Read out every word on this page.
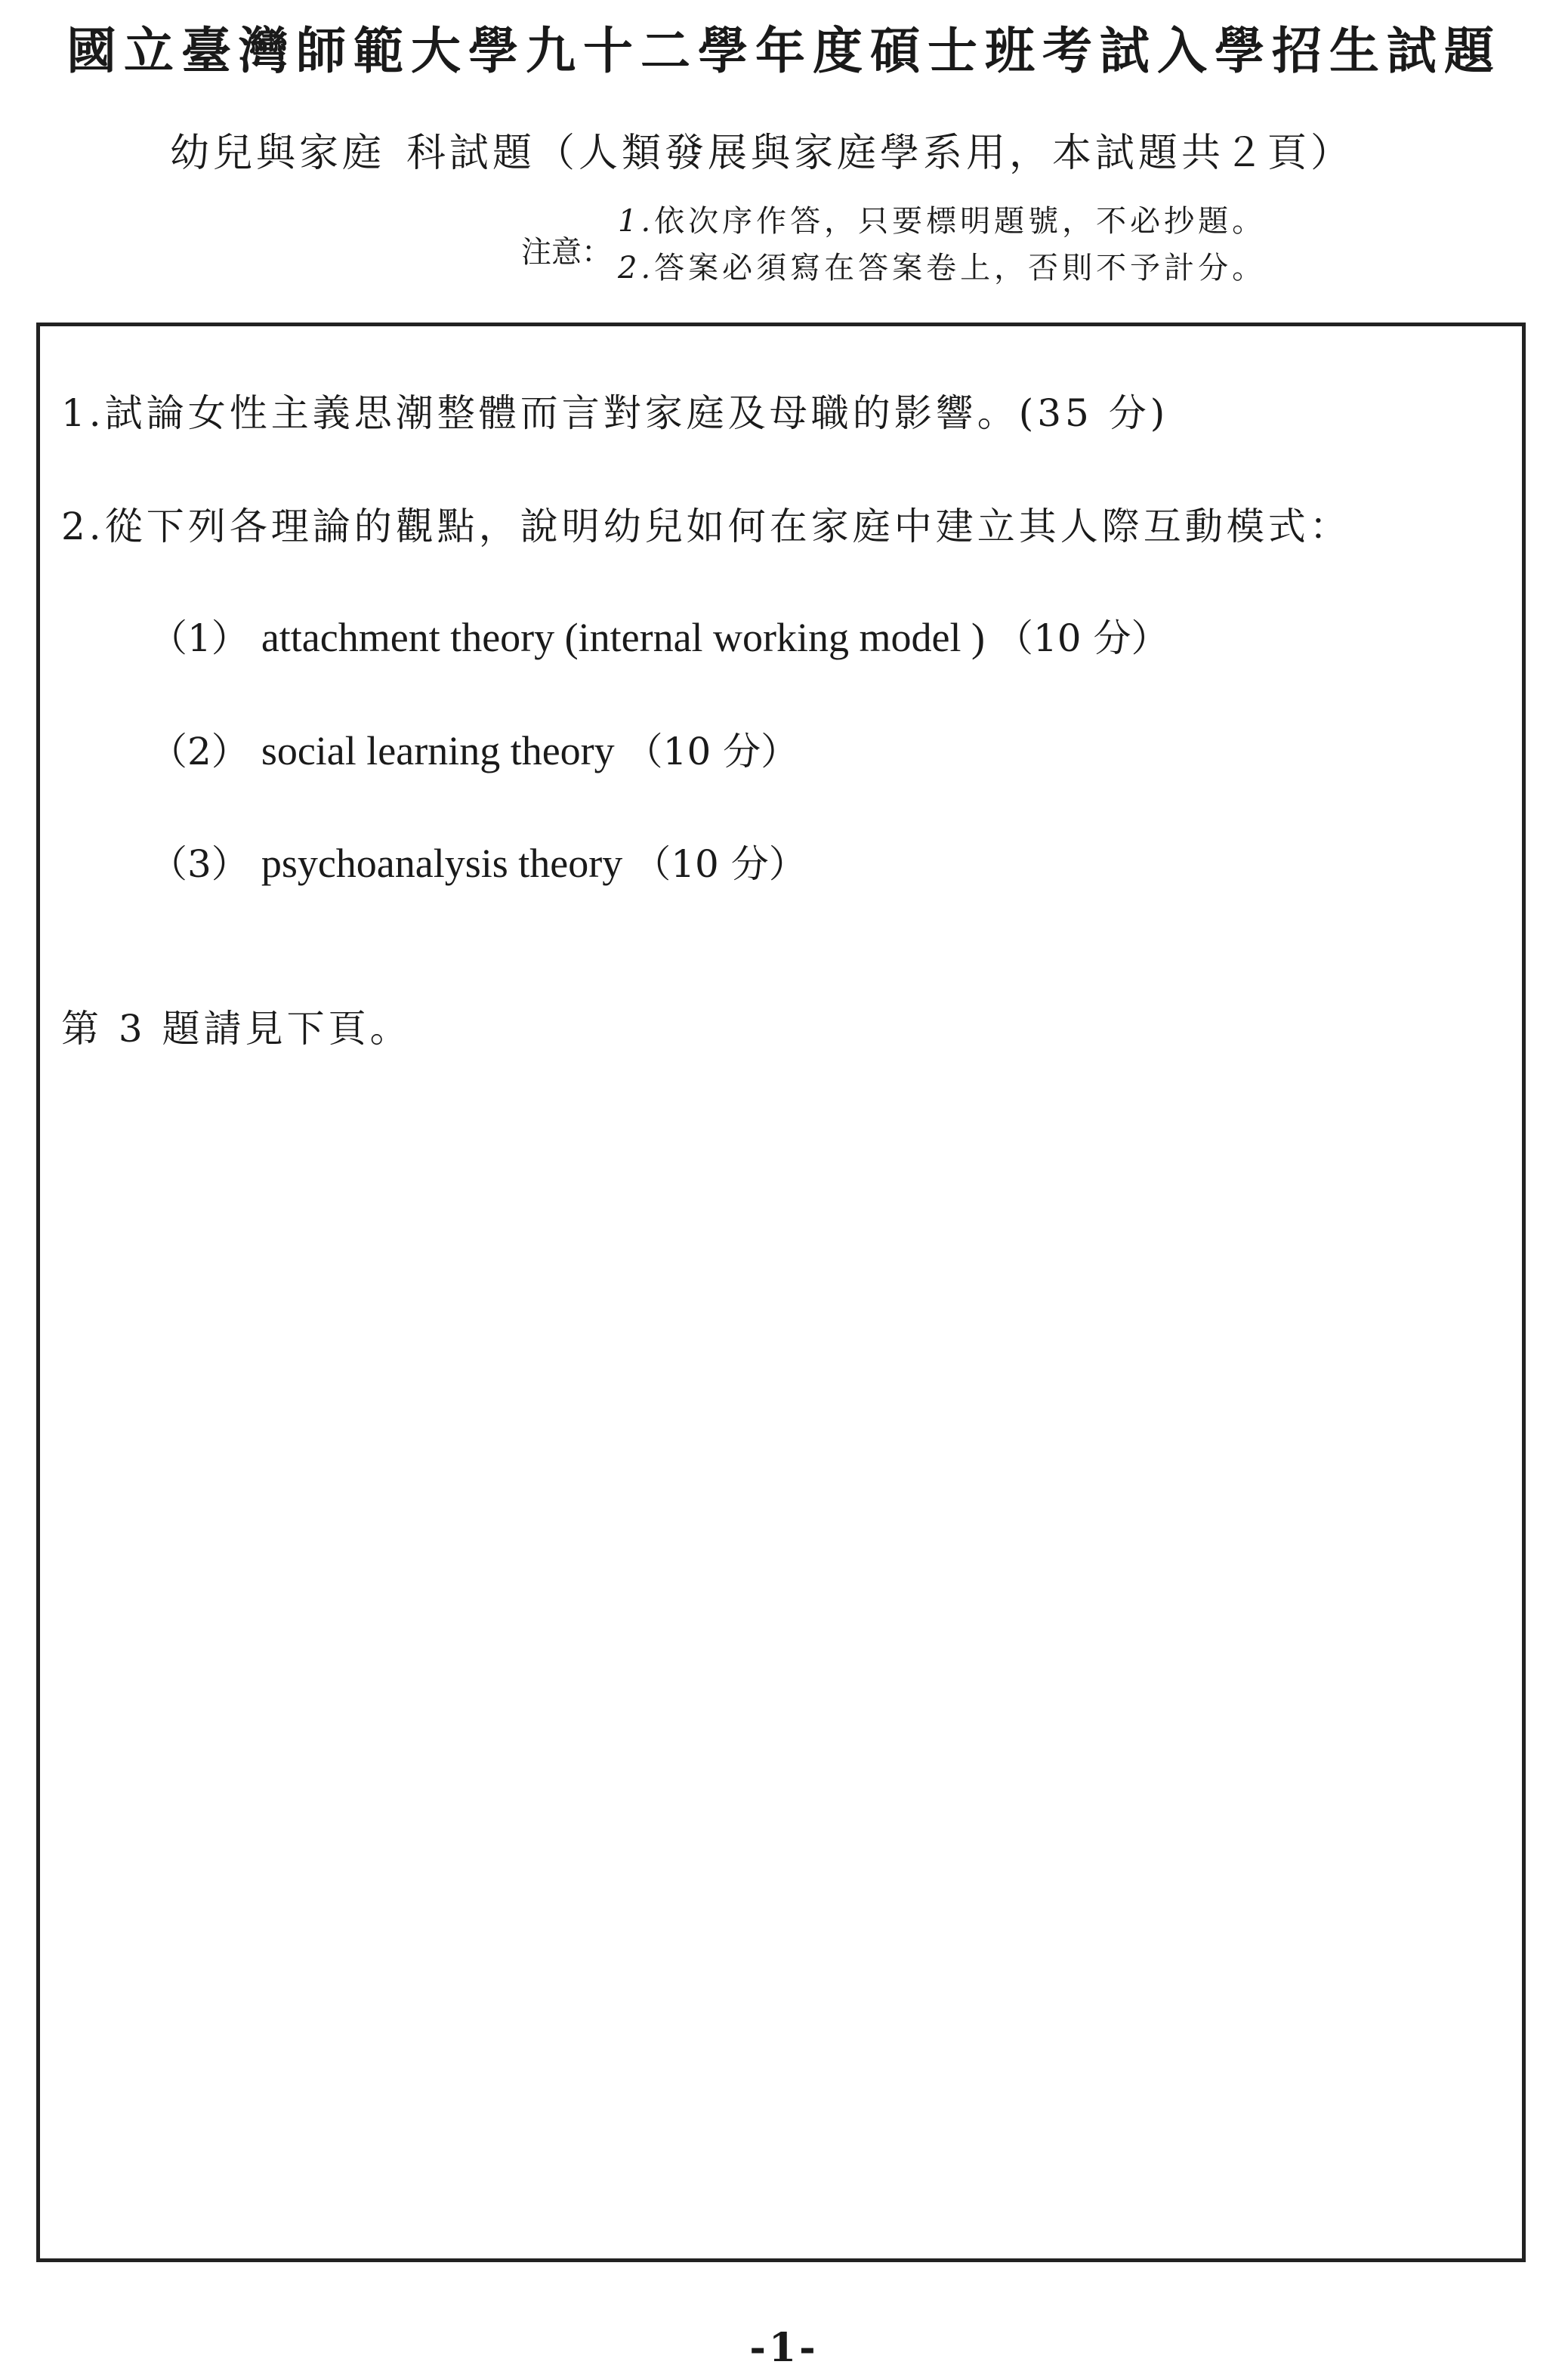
國立臺灣師範大學九十二學年度碩士班考試入學招生試題
幼兒與家庭 科試題（人類發展與家庭學系用，本試題共２頁）
注意：
1.依次序作答，只要標明題號，不必抄題。
2.答案必須寫在答案卷上，否則不予計分。
1.試論女性主義思潮整體而言對家庭及母職的影響。(35 分)
2.從下列各理論的觀點，說明幼兒如何在家庭中建立其人際互動模式：
（1） attachment theory (internal working model ) （10 分）
（2） social learning theory （10 分）
（3） psychoanalysis theory （10 分）
第 3 題請見下頁。
-1-
